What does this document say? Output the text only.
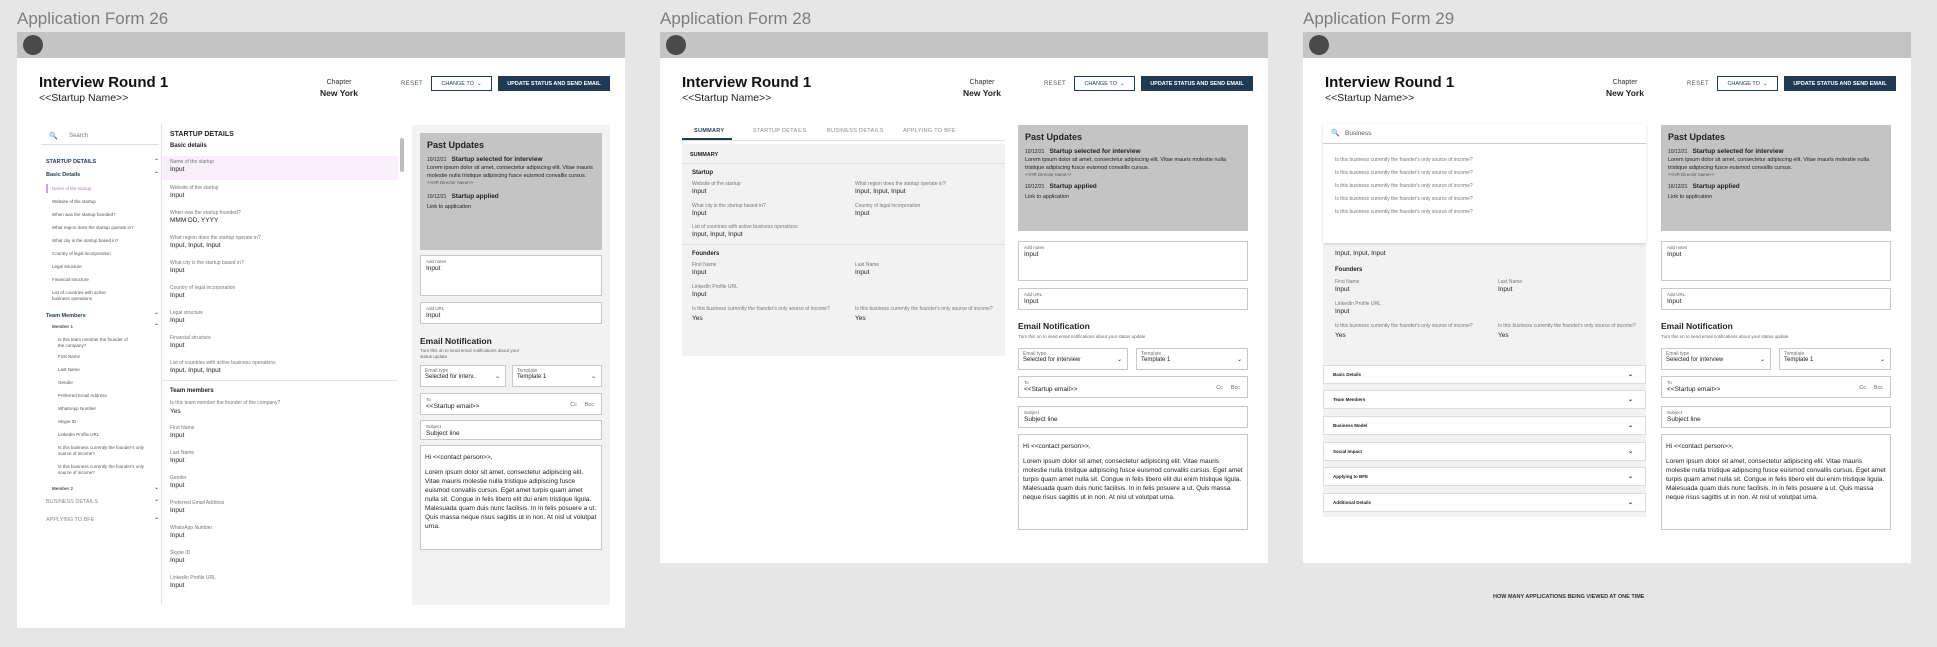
Application Form 26
Interview Round 1
<<Startup Name>>
Chapter
New York
RESET	CHANGE TO ⌄	UPDATE STATUS AND SEND EMAIL
🔍 Search
STARTUP DETAILS	⌃
Basic Details	⌃
Name of the startup
Website of the startup
When was the startup founded?
What region does the startup operate in?
What city is the startup based in?
Country of legal incorporation
Legal structure
Financial structure
List of countries with active business operations
Team Members	⌃
Member 1	⌃
Is this team member the founder of the company?
First Name
Last Name
Gender
Preferred Email Address
WhatsApp Number
Skype ID
LinkedIn Profile URL
Is this business currently the founder's only source of income?
Is this business currently the founder's only source of income?
Member 2	⌄
BUSINESS DETAILS	⌄
APPLYING TO BFE	⌄
STARTUP DETAILS
Basic details
Name of the startup
Input
Website of the startup
Input
When was the startup founded?
MMM DD, YYYY
What region does the startup operate in?
Input, Input, Input
What city is the startup based in?
Input
Country of legal incorporation
Input
Legal structure
Input
Financial structure
Input
List of countries with active business operations
Input, Input, Input
Team members
Is this team member the founder of the company?
Yes
First Name
Input
Last Name
Input
Gender
Input
Preferred Email Address
Input
WhatsApp Number
Input
Skype ID
Input
LinkedIn Profile URL
Input
Past Updates
10/12/21 Startup selected for interview
Lorem ipsum dolor sit amet, consectetur adipiscing elit. Vitae mauris molestie nulla tristique adipiscing fusce euismod convallis cursus.
<<HR Director name>>
10/12/21 Startup applied
Link to application
Add notes
Input
Add URL
Input
Email Notification
Turn this on to send email notifications about your status update
Email type
Selected for interv..	⌄
Template
Template 1	⌄
To
<<Startup email>>	Cc Bcc
Subject
Subject line
Hi <<contact person>>,
Lorem ipsum dolor sit amet, consectetur adipiscing elit. Vitae mauris molestie nulla tristique adipiscing fusce euismod convallis cursus. Eget amet turpis quam amet nulla sit. Congue in felis libero elit dui enim tristique ligula. Malesuada quam duis nunc facilisis. In in felis posuere a ut. Quis massa neque risus sagittis ut in non. At nisl ut volutpat urna.
Application Form 28
Interview Round 1
<<Startup Name>>
Chapter
New York
RESET	CHANGE TO ⌄	UPDATE STATUS AND SEND EMAIL
SUMMARY	STARTUP DETAILS	BUSINESS DETAILS	APPLYING TO BFE
SUMMARY
Startup
Website of the startup
Input
What region does the startup operate in?
Input, Input, Input
What city is the startup based in?
Input
Country of legal incorporation
Input
List of countries with active business operations
Input, Input, Input
Founders
First Name
Input
Last Name
Input
LinkedIn Profile URL
Input
Is this business currently the founder's only source of income?
Yes
Is this business currently the founder's only source of income?
Yes
Past Updates
10/12/21 Startup selected for interview
Lorem ipsum dolor sit amet, consectetur adipiscing elit. Vitae mauris molestie nulla tristique adipiscing fusce euismod convallis cursus.
<<HR Director name>>
10/12/21 Startup applied
Link to application
Add notes
Input
Add URL
Input
Email Notification
Turn this on to send email notifications about your status update
Email type
Selected for interview	⌄
Template
Template 1	⌄
To
<<Startup email>>	Cc Bcc
Subject
Subject line
Hi <<contact person>>,
Lorem ipsum dolor sit amet, consectetur adipiscing elit. Vitae mauris molestie nulla tristique adipiscing fusce euismod convallis cursus. Eget amet turpis quam amet nulla sit. Congue in felis libero elit dui enim tristique ligula. Malesuada quam duis nunc facilisis. In in felis posuere a ut. Quis massa neque risus sagittis ut in non. At nisl ut volutpat urna.
Application Form 29
Interview Round 1
<<Startup Name>>
Chapter
New York
RESET	CHANGE TO ⌄	UPDATE STATUS AND SEND EMAIL
🔍 Business
Is this business currently the founder's only source of income?
Is this business currently the founder's only source of income?
Is this business currently the founder's only source of income?
Is this business currently the founder's only source of income?
Is this business currently the founder's only source of income?
Input, Input, Input
Founders
First Name
Input
Last Name
Input
LinkedIn Profile URL
Input
Is this business currently the founder's only source of income?
Yes
Is this business currently the founder's only source of income?
Yes
Basic Details	⌄
Team Members	⌄
Business Model	⌄
Social Impact	⌄
Applying to BFE	⌄
Additional Details	⌄
Past Updates
10/12/21 Startup selected for interview
Lorem ipsum dolor sit amet, consectetur adipiscing elit. Vitae mauris molestie nulla tristique adipiscing fusce euismod convallis cursus.
<<HR Director name>>
16/12/21 Startup applied
Link to application
Add notes
Input
Add URL
Input
Email Notification
Turn this on to send email notifications about your status update
Email type
Selected for interview	⌄
Template
Template 1	⌄
To
<<Startup email>>	Cc Bcc
Subject
Subject line
Hi <<contact person>>,
Lorem ipsum dolor sit amet, consectetur adipiscing elit. Vitae mauris molestie nulla tristique adipiscing fusce euismod convallis cursus. Eget amet turpis quam amet nulla sit. Congue in felis libero elit dui enim tristique ligula. Malesuada quam duis nunc facilisis. In in felis posuere a ut. Quis massa neque risus sagittis ut in non. At nisl ut volutpat urna.
HOW MANY APPLICATIONS BEING VIEWED AT ONE TIME
